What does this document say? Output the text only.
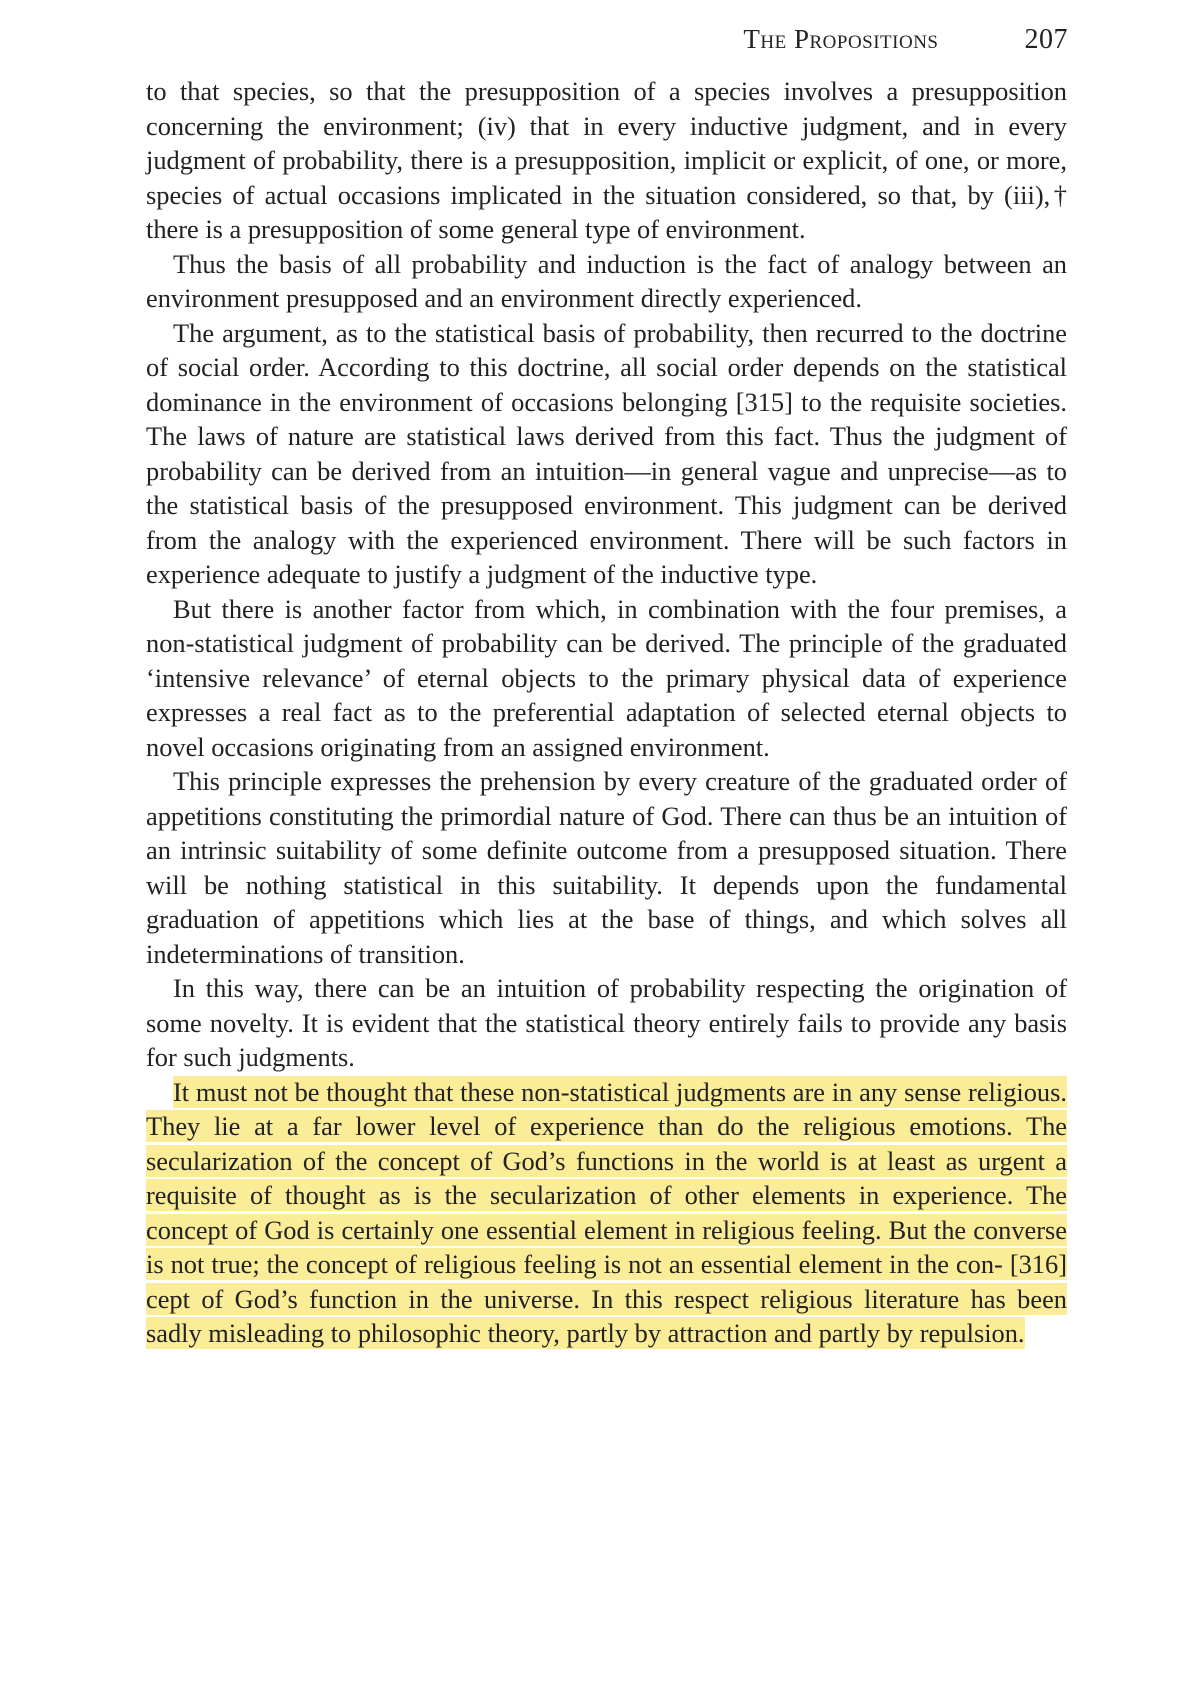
The Propositions	207

to that species, so that the presupposition of a species involves a presupposition concerning the environment; (iv) that in every inductive judgment, and in every judgment of probability, there is a presupposition, implicit or explicit, of one, or more, species of actual occasions implicated in the situation considered, so that, by (iii),† there is a presupposition of some general type of environment.

Thus the basis of all probability and induction is the fact of analogy between an environment presupposed and an environment directly experienced.

The argument, as to the statistical basis of probability, then recurred to the doctrine of social order. According to this doctrine, all social order depends on the statistical dominance in the environment of occasions belonging [315] to the requisite societies. The laws of nature are statistical laws derived from this fact. Thus the judgment of probability can be derived from an intuition—in general vague and unprecise—as to the statistical basis of the presupposed environment. This judgment can be derived from the analogy with the experienced environment. There will be such factors in experience adequate to justify a judgment of the inductive type.

But there is another factor from which, in combination with the four premises, a non-statistical judgment of probability can be derived. The principle of the graduated ‘intensive relevance’ of eternal objects to the primary physical data of experience expresses a real fact as to the preferential adaptation of selected eternal objects to novel occasions originating from an assigned environment.

This principle expresses the prehension by every creature of the graduated order of appetitions constituting the primordial nature of God. There can thus be an intuition of an intrinsic suitability of some definite outcome from a presupposed situation. There will be nothing statistical in this suitability. It depends upon the fundamental graduation of appetitions which lies at the base of things, and which solves all indeterminations of transition.

In this way, there can be an intuition of probability respecting the origination of some novelty. It is evident that the statistical theory entirely fails to provide any basis for such judgments.

It must not be thought that these non-statistical judgments are in any sense religious. They lie at a far lower level of experience than do the religious emotions. The secularization of the concept of God’s functions in the world is at least as urgent a requisite of thought as is the secularization of other elements in experience. The concept of God is certainly one essential element in religious feeling. But the converse is not true; the concept of religious feeling is not an essential element in the con- [316] cept of God’s function in the universe. In this respect religious literature has been sadly misleading to philosophic theory, partly by attraction and partly by repulsion.
